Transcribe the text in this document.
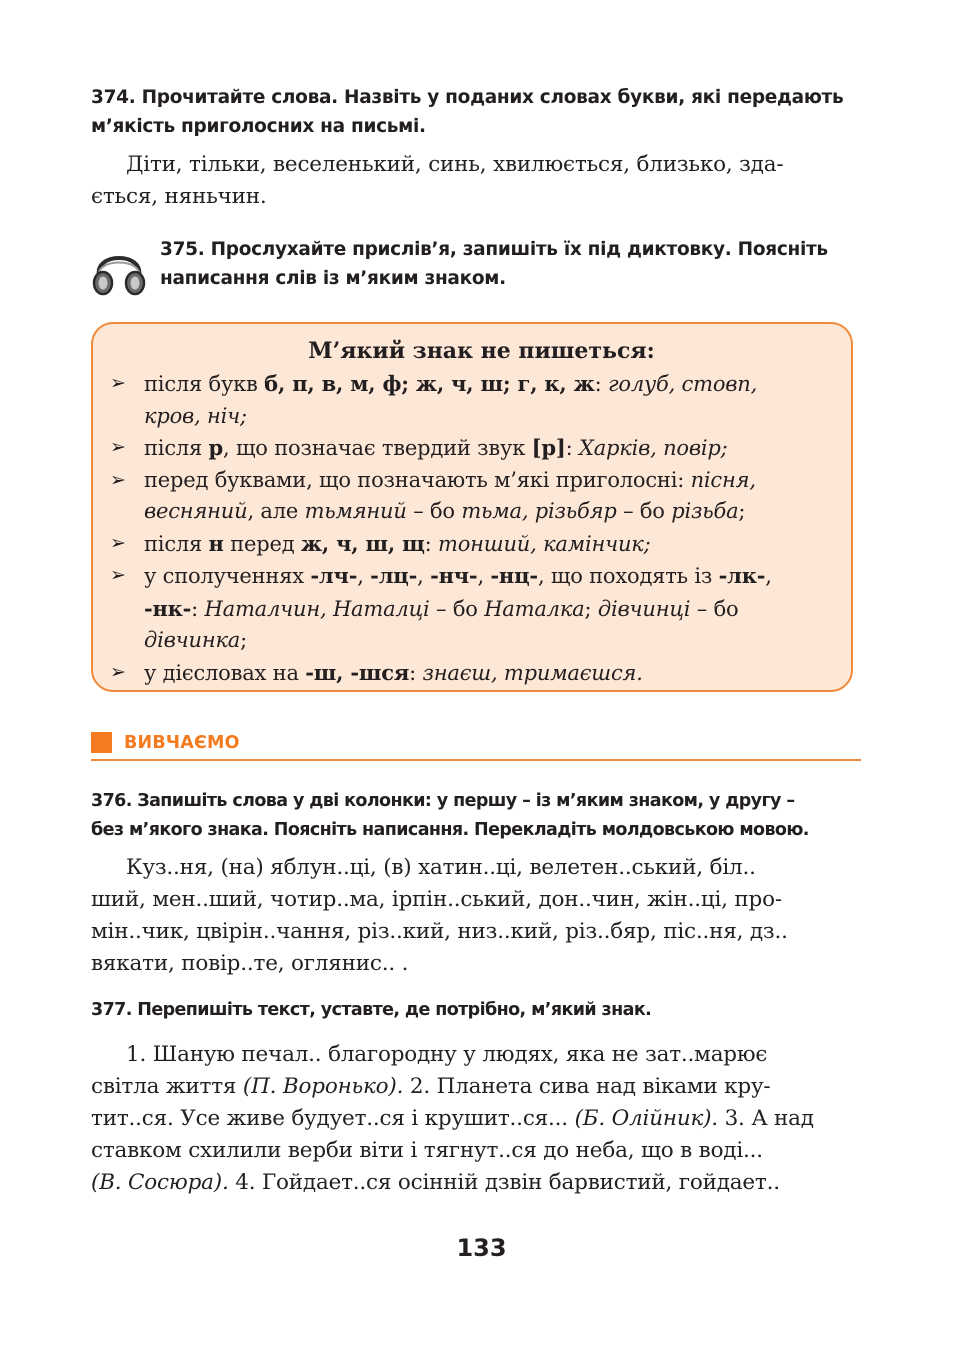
374. Прочитайте слова. Назвіть у поданих словах букви, які передають
м’якість приголосних на письмі.
Діти, тільки, веселенький, синь, хвилюється, близько, зда-
ється, няньчин.
375. Прослухайте прислів’я, запишіть їх під диктовку. Поясніть
написання слів із м’яким знаком.
М’який знак не пишеться:
➢ після букв б, п, в, м, ф; ж, ч, ш; г, к, ж: голуб, стовп,
кров, ніч;
➢ після р, що позначає твердий звук [р]: Харків, повір;
➢ перед буквами, що позначають м’які приголосні: пісня,
весняний, але тьмяний – бо тьма, різьбяр – бо різьба;
➢ після н перед ж, ч, ш, щ: тонший, камінчик;
➢ у сполученнях -лч-, -лц-, -нч-, -нц-, що походять із -лк-,
-нк-: Наталчин, Наталці – бо Наталка; дівчинці – бо
дівчинка;
➢ у дієсловах на -ш, -шся: знаєш, тримаєшся.
ВИВЧАЄМО
376. Запишіть слова у дві колонки: у першу – із м’яким знаком, у другу –
без м’якого знака. Поясніть написання. Перекладіть молдовською мовою.
Куз..ня, (на) яблун..ці, (в) хатин..ці, велетен..ський, біл..
ший, мен..ший, чотир..ма, ірпін..ський, дон..чин, жін..ці, про-
мін..чик, цвірін..чання, різ..кий, низ..кий, різ..бяр, піс..ня, дз..
вякати, повір..те, оглянис.. .
377. Перепишіть текст, уставте, де потрібно, м’який знак.
1. Шаную печал.. благородну у людях, яка не зат..марює
світла життя (П. Воронько). 2. Планета сива над віками кру-
тит..ся. Усе живе будует..ся і крушит..ся... (Б. Олійник). 3. А над
ставком схилили верби віти і тягнут..ся до неба, що в воді...
(В. Сосюра). 4. Гойдает..ся осінній дзвін барвистий, гойдает..
133
